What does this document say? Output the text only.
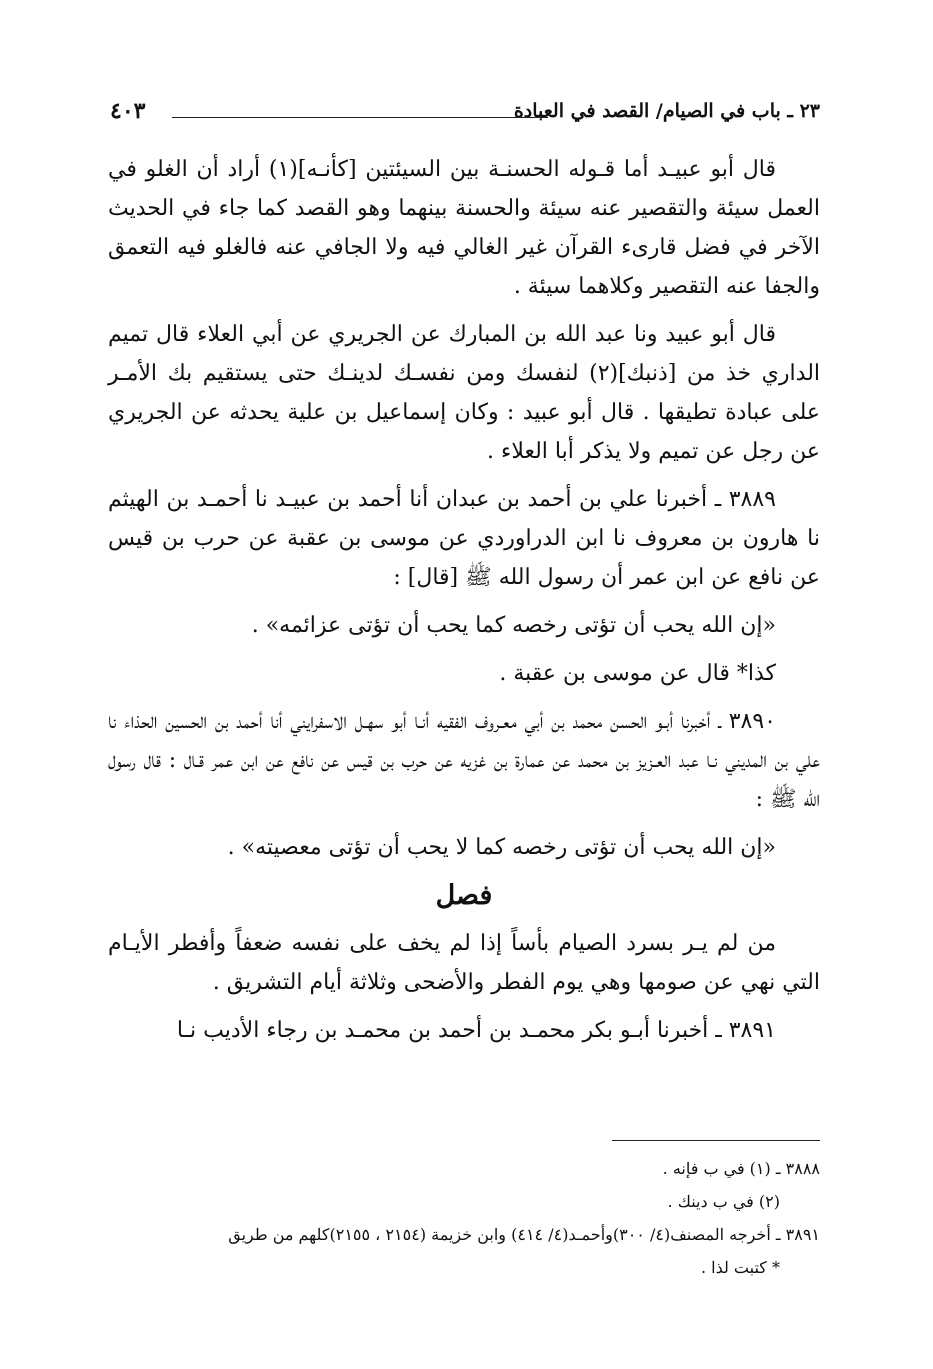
٢٣ ـ باب في الصيام/ القصد في العبادة
٤٠٣

قال أبو عبيـد أما قـوله الحسنـة بين السيئتين [كأنـه](١) أراد أن الغلو في العمل سيئة والتقصير عنه سيئة والحسنة بينهما وهو القصد كما جاء في الحديث الآخر في فضل قارىء القرآن غير الغالي فيه ولا الجافي عنه فالغلو فيه التعمق والجفا عنه التقصير وكلاهما سيئة .

قال أبو عبيد ونا عبد الله بن المبارك عن الجريري عن أبي العلاء قال تميم الداري خذ من [ذنبك](٢) لنفسك ومن نفسـك لدينـك حتى يستقيم بك الأمـر على عبادة تطيقها . قال أبو عبيد : وكان إسماعيل بن علية يحدثه عن الجريري عن رجل عن تميم ولا يذكر أبا العلاء .

٣٨٨٩ ـ أخبرنا علي بن أحمد بن عبدان أنا أحمد بن عبيـد نا أحمـد بن الهيثم نا هارون بن معروف نا ابن الدراوردي عن موسى بن عقبة عن حرب بن قيس عن نافع عن ابن عمر أن رسول الله ﷺ [قال] :

«إن الله يحب أن تؤتى رخصه كما يحب أن تؤتى عزائمه» .

كذا* قال عن موسى بن عقبة .

٣٨٩٠ ـ أخبرنا أبـو الحسن محمد بن أبي معـروف الفقيه أنـا أبو سهـل الاسفرايني أنا أحمد بن الحسين الحذاء نا علي بن المديني نـا عبد العـزيز بن محمد عن عمارة بن غزيه عن حرب بن قيس عن نافع عن ابن عمر قـال : قال رسول الله ﷺ :

«إن الله يحب أن تؤتى رخصه كما لا يحب أن تؤتى معصيته» .

فصل

من لم يـر بسرد الصيام بأساً إذا لم يخف على نفسه ضعفاً وأفطر الأيـام التي نهي عن صومها وهي يوم الفطر والأضحى وثلاثة أيام التشريق .

٣٨٩١ ـ أخبرنا أبـو بكر محمـد بن أحمد بن محمـد بن رجاء الأديب نـا

٣٨٨٨ ـ (١) في ب فإنه .
(٢) في ب دينك .
٣٨٩١ ـ أخرجه المصنف(٤/ ٣٠٠)وأحمـد(٤/ ٤١٤) وابن خزيمة (٢١٥٤ ، ٢١٥٥)كلهم من طريق
* كتبت لذا .
